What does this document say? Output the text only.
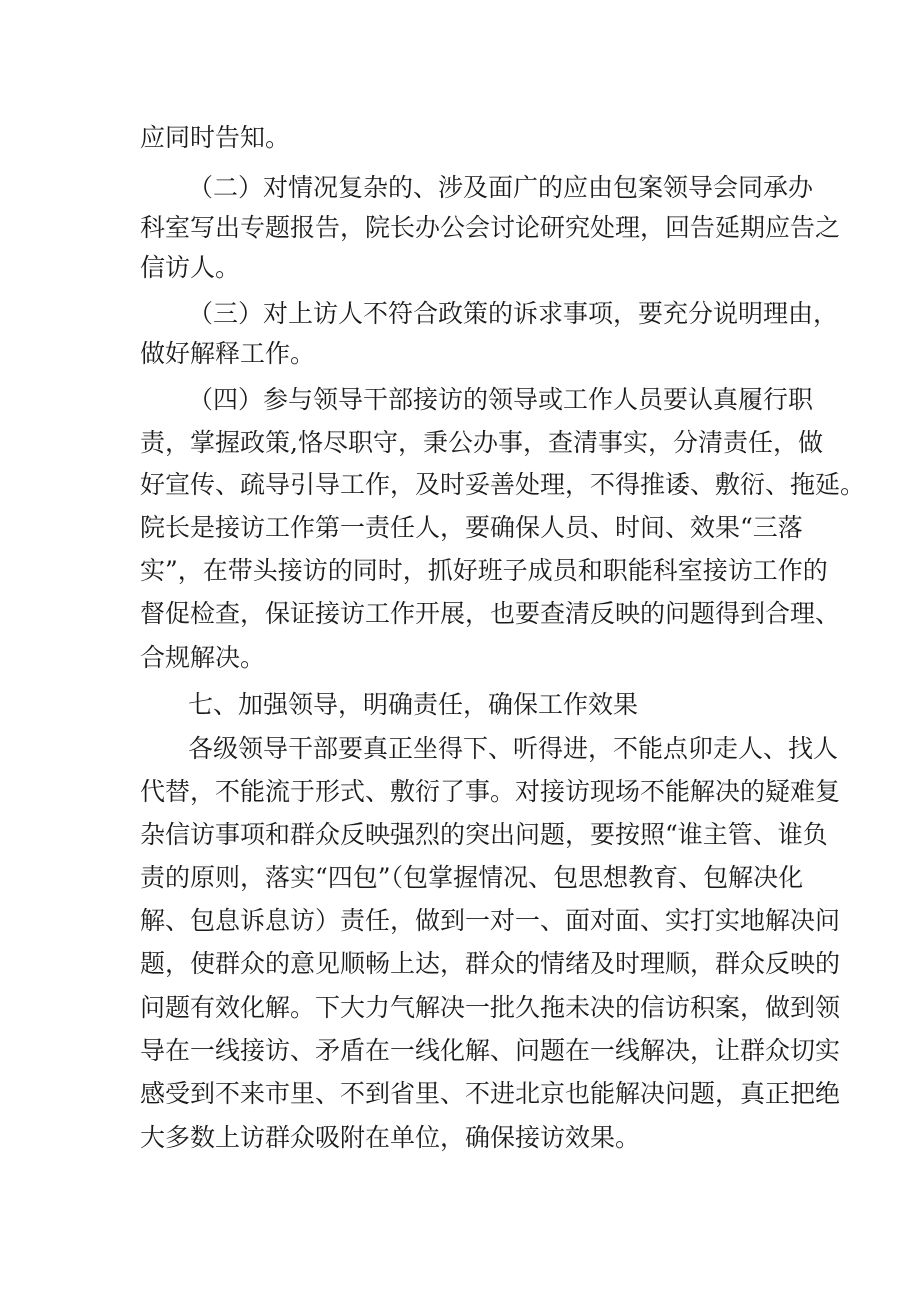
应同时告知。
（二）对情况复杂的、涉及面广的应由包案领导会同承办
科室写出专题报告，院长办公会讨论研究处理，回告延期应告之
信访人。
（三）对上访人不符合政策的诉求事项，要充分说明理由，
做好解释工作。
（四）参与领导干部接访的领导或工作人员要认真履行职
责，掌握政策,恪尽职守，秉公办事，查清事实，分清责任，做
好宣传、疏导引导工作，及时妥善处理，不得推诿、敷衍、拖延。
院长是接访工作第一责任人，要确保人员、时间、效果“三落
实”，在带头接访的同时，抓好班子成员和职能科室接访工作的
督促检查，保证接访工作开展，也要查清反映的问题得到合理、
合规解决。
七、加强领导，明确责任，确保工作效果
各级领导干部要真正坐得下、听得进，不能点卯走人、找人
代替，不能流于形式、敷衍了事。对接访现场不能解决的疑难复
杂信访事项和群众反映强烈的突出问题，要按照“谁主管、谁负
责的原则，落实“四包”（包掌握情况、包思想教育、包解决化
解、包息诉息访）责任，做到一对一、面对面、实打实地解决问
题，使群众的意见顺畅上达，群众的情绪及时理顺，群众反映的
问题有效化解。下大力气解决一批久拖未决的信访积案，做到领
导在一线接访、矛盾在一线化解、问题在一线解决，让群众切实
感受到不来市里、不到省里、不进北京也能解决问题，真正把绝
大多数上访群众吸附在单位，确保接访效果。
